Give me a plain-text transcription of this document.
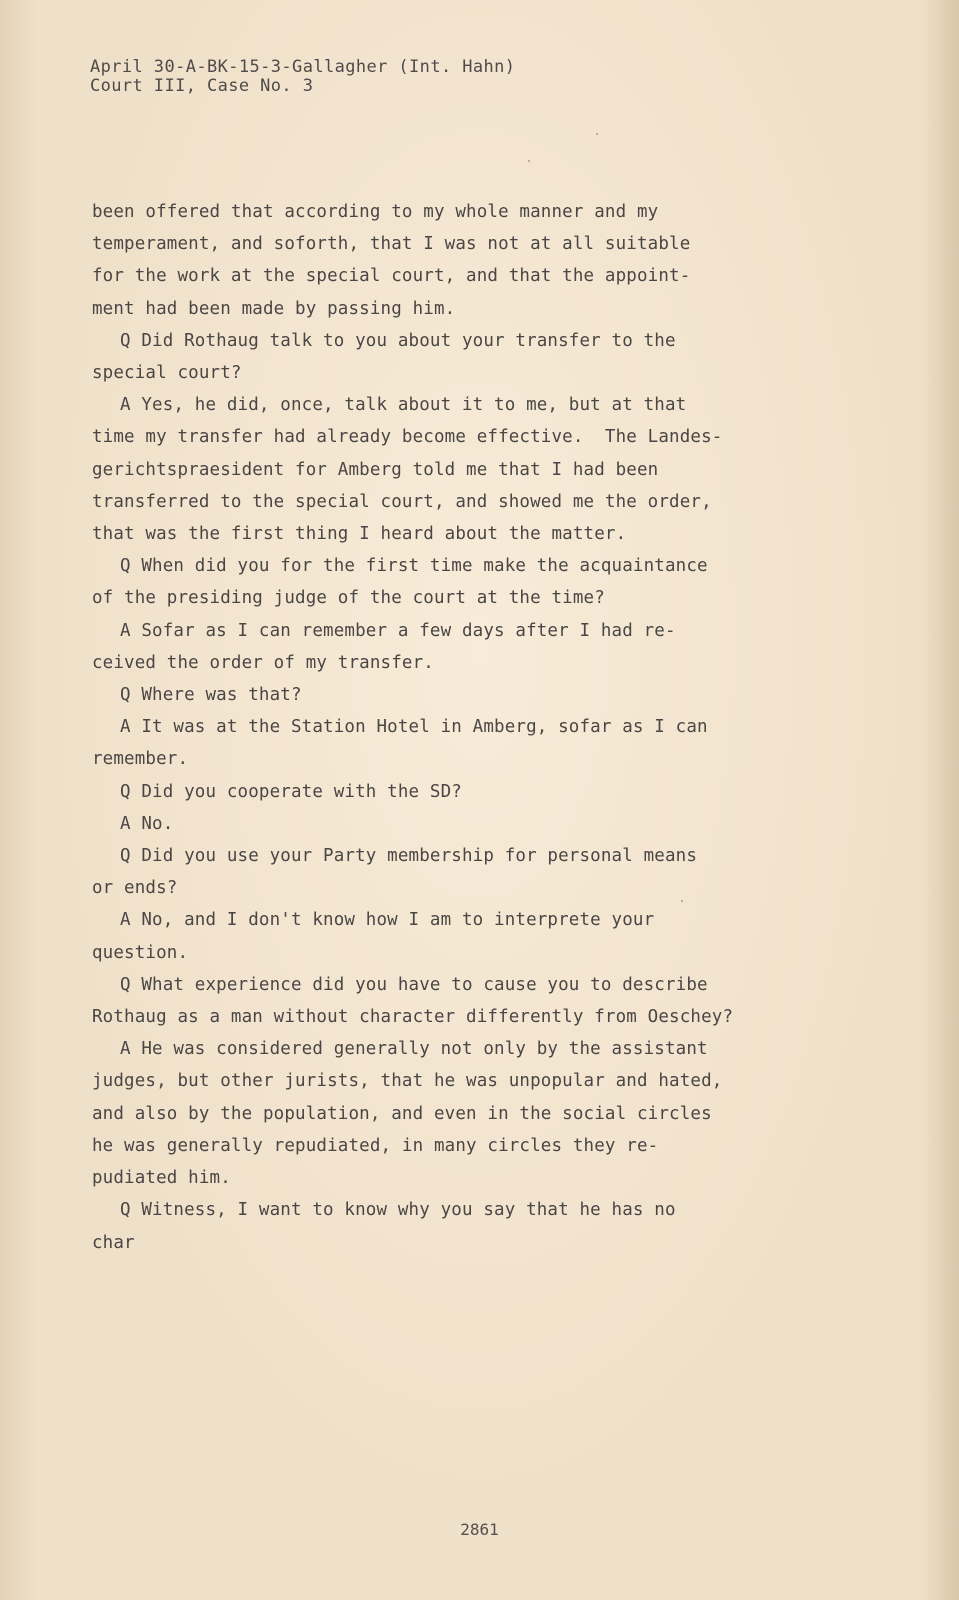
April 30-A-BK-15-3-Gallagher (Int. Hahn)
Court III, Case No. 3
been offered that according to my whole manner and my
temperament, and soforth, that I was not at all suitable
for the work at the special court, and that the appoint-
ment had been made by passing him.
Q Did Rothaug talk to you about your transfer to the
special court?
A Yes, he did, once, talk about it to me, but at that
time my transfer had already become effective.  The Landes-
gerichtspraesident for Amberg told me that I had been
transferred to the special court, and showed me the order,
that was the first thing I heard about the matter.
Q When did you for the first time make the acquaintance
of the presiding judge of the court at the time?
A Sofar as I can remember a few days after I had re-
ceived the order of my transfer.
Q Where was that?
A It was at the Station Hotel in Amberg, sofar as I can
remember.
Q Did you cooperate with the SD?
A No.
Q Did you use your Party membership for personal means
or ends?
A No, and I don't know how I am to interprete your
question.
Q What experience did you have to cause you to describe
Rothaug as a man without character differently from Oeschey?
A He was considered generally not only by the assistant
judges, but other jurists, that he was unpopular and hated,
and also by the population, and even in the social circles
he was generally repudiated, in many circles they re-
pudiated him.
Q Witness, I want to know why you say that he has no
char
2861
